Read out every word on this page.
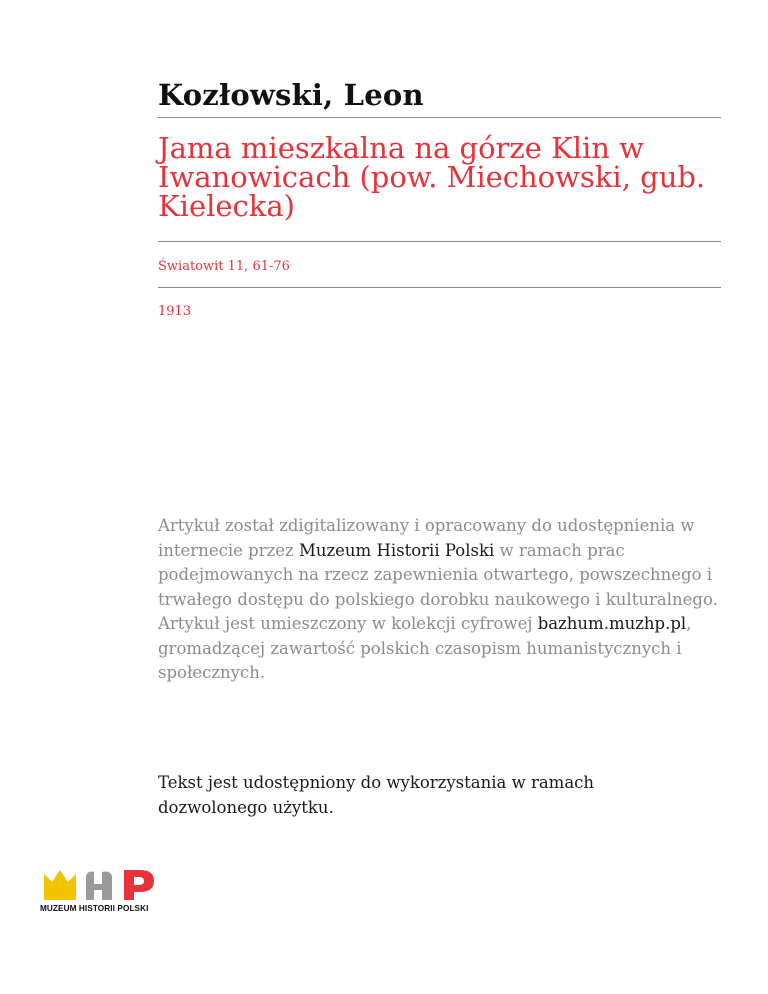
Kozłowski, Leon
Jama mieszkalna na górze Klin w Iwanowicach (pow. Miechowski, gub. Kielecka)
Światowit 11, 61-76
1913

Artykuł został zdigitalizowany i opracowany do udostępnienia w internecie przez Muzeum Historii Polski w ramach prac podejmowanych na rzecz zapewnienia otwartego, powszechnego i trwałego dostępu do polskiego dorobku naukowego i kulturalnego. Artykuł jest umieszczony w kolekcji cyfrowej bazhum.muzhp.pl, gromadzącej zawartość polskich czasopism humanistycznych i społecznych.

Tekst jest udostępniony do wykorzystania w ramach dozwolonego użytku.

MUZEUM HISTORII POLSKI
